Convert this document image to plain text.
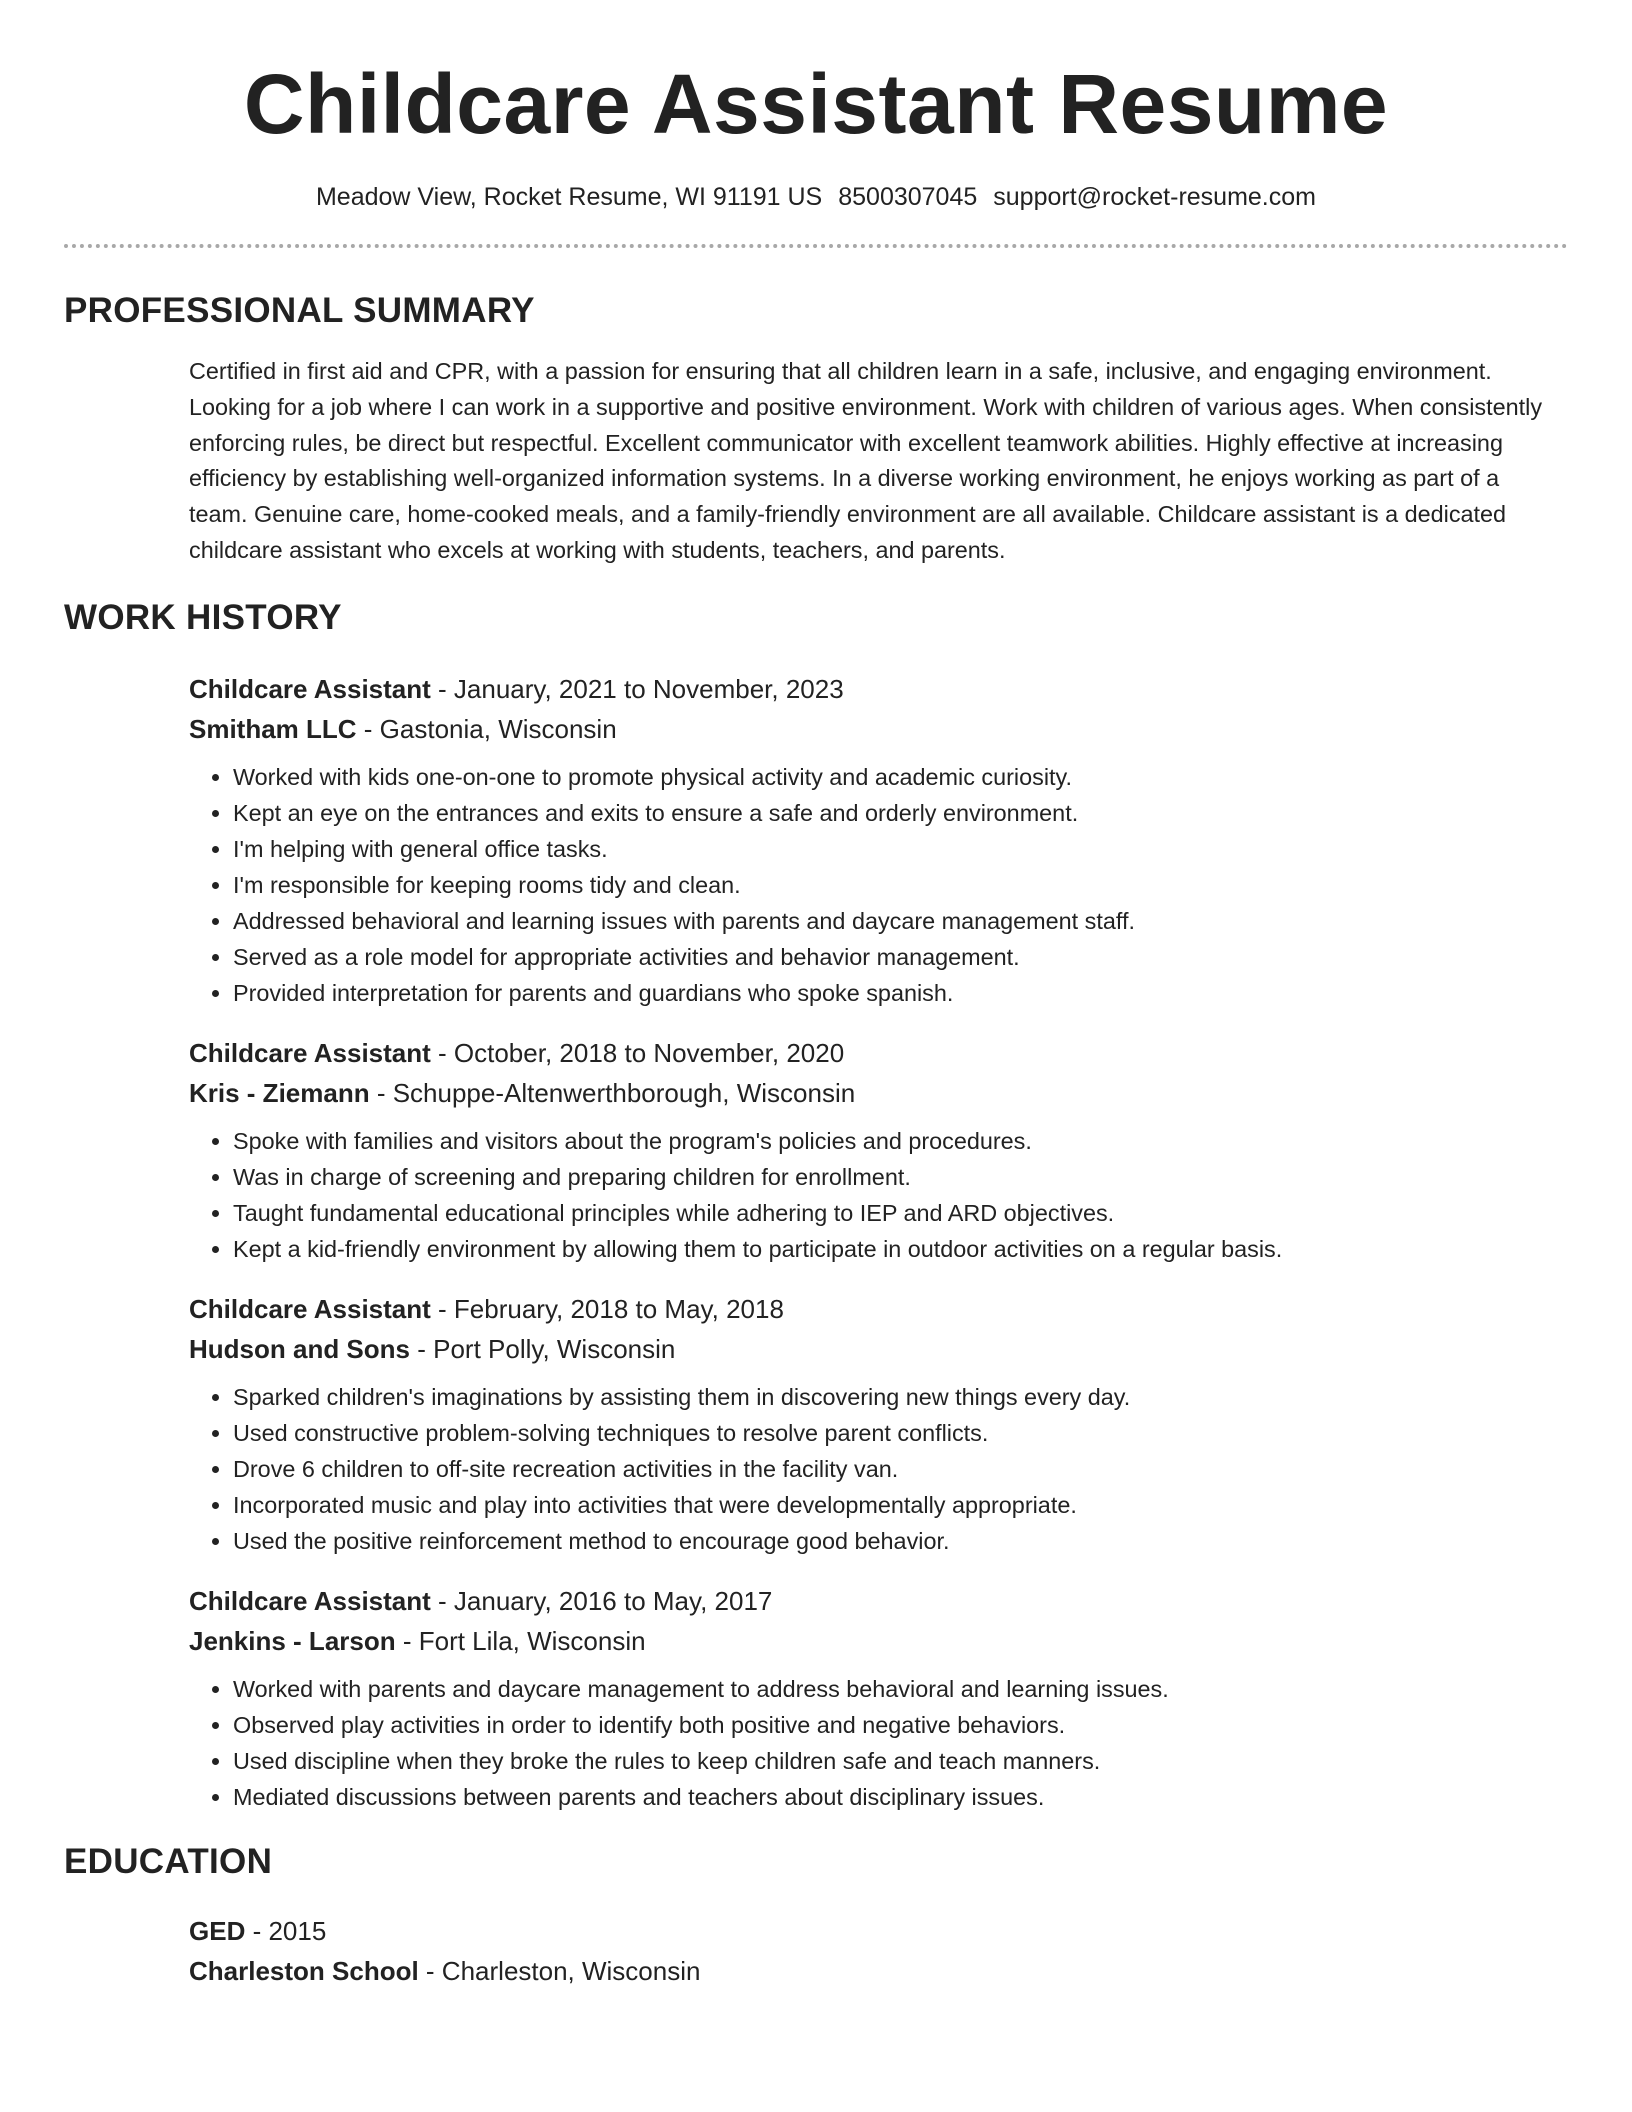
Childcare Assistant Resume
Meadow View, Rocket Resume, WI 91191 US 8500307045 support@rocket-resume.com
PROFESSIONAL SUMMARY

Certified in first aid and CPR, with a passion for ensuring that all children learn in a safe, inclusive, and engaging environment. Looking for a job where I can work in a supportive and positive environment. Work with children of various ages. When consistently enforcing rules, be direct but respectful. Excellent communicator with excellent teamwork abilities. Highly effective at increasing efficiency by establishing well-organized information systems. In a diverse working environment, he enjoys working as part of a team. Genuine care, home-cooked meals, and a family-friendly environment are all available. Childcare assistant is a dedicated childcare assistant who excels at working with students, teachers, and parents.

WORK HISTORY

Childcare Assistant - January, 2021 to November, 2023

Smitham LLC - Gastonia, Wisconsin

• Worked with kids one-on-one to promote physical activity and academic curiosity.
• Kept an eye on the entrances and exits to ensure a safe and orderly environment.
• I'm helping with general office tasks.
• I'm responsible for keeping rooms tidy and clean.
• Addressed behavioral and learning issues with parents and daycare management staff.
• Served as a role model for appropriate activities and behavior management.
• Provided interpretation for parents and guardians who spoke spanish.

Childcare Assistant - October, 2018 to November, 2020

Kris - Ziemann - Schuppe-Altenwerthborough, Wisconsin

• Spoke with families and visitors about the program's policies and procedures.
• Was in charge of screening and preparing children for enrollment.
• Taught fundamental educational principles while adhering to IEP and ARD objectives.
• Kept a kid-friendly environment by allowing them to participate in outdoor activities on a regular basis.

Childcare Assistant - February, 2018 to May, 2018

Hudson and Sons - Port Polly, Wisconsin

• Sparked children's imaginations by assisting them in discovering new things every day.
• Used constructive problem-solving techniques to resolve parent conflicts.
• Drove 6 children to off-site recreation activities in the facility van.
• Incorporated music and play into activities that were developmentally appropriate.
• Used the positive reinforcement method to encourage good behavior.

Childcare Assistant - January, 2016 to May, 2017

Jenkins - Larson - Fort Lila, Wisconsin

• Worked with parents and daycare management to address behavioral and learning issues.
• Observed play activities in order to identify both positive and negative behaviors.
• Used discipline when they broke the rules to keep children safe and teach manners.
• Mediated discussions between parents and teachers about disciplinary issues.
EDUCATION

GED - 2015

Charleston School - Charleston, Wisconsin
